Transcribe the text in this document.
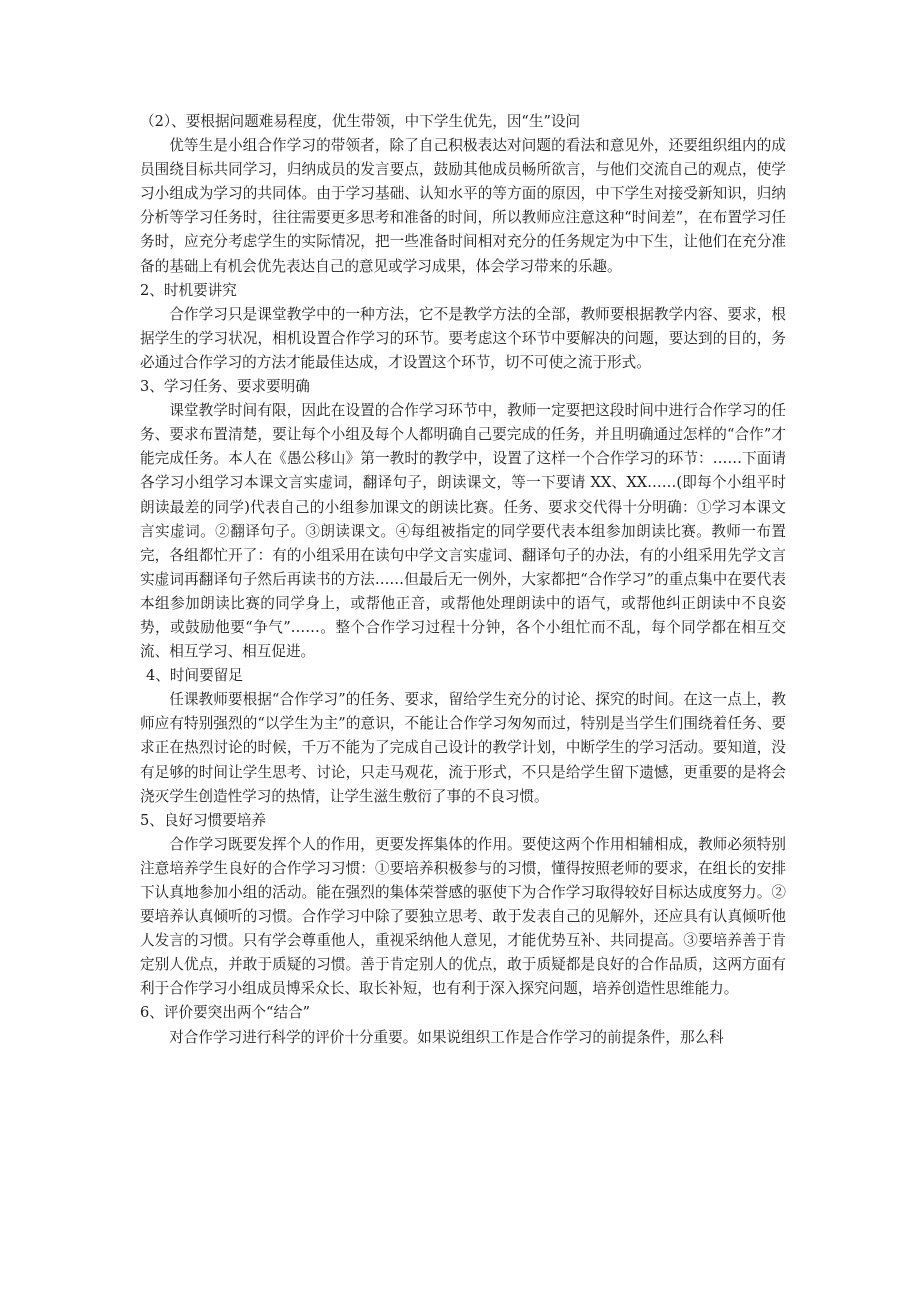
（2）、要根据问题难易程度，优生带领，中下学生优先，因“生”设问

优等生是小组合作学习的带领者，除了自己积极表达对问题的看法和意见外，还要组织组内的成员围绕目标共同学习，归纳成员的发言要点，鼓励其他成员畅所欲言，与他们交流自己的观点，使学习小组成为学习的共同体。由于学习基础、认知水平的等方面的原因，中下学生对接受新知识，归纳分析等学习任务时，往往需要更多思考和准备的时间，所以教师应注意这种“时间差”，在布置学习任务时，应充分考虑学生的实际情况，把一些准备时间相对充分的任务规定为中下生，让他们在充分准备的基础上有机会优先表达自己的意见或学习成果，体会学习带来的乐趣。

2、时机要讲究

合作学习只是课堂教学中的一种方法，它不是教学方法的全部，教师要根据教学内容、要求，根据学生的学习状况，相机设置合作学习的环节。要考虑这个环节中要解决的问题，要达到的目的，务必通过合作学习的方法才能最佳达成，才设置这个环节，切不可使之流于形式。

3、学习任务、要求要明确

课堂教学时间有限，因此在设置的合作学习环节中，教师一定要把这段时间中进行合作学习的任务、要求布置清楚，要让每个小组及每个人都明确自己要完成的任务，并且明确通过怎样的“合作”才能完成任务。本人在《愚公移山》第一教时的教学中，设置了这样一个合作学习的环节：……下面请各学习小组学习本课文言实虚词，翻译句子，朗读课文，等一下要请 XX、XX……(即每个小组平时朗读最差的同学)代表自己的小组参加课文的朗读比赛。任务、要求交代得十分明确：①学习本课文言实虚词。②翻译句子。③朗读课文。④每组被指定的同学要代表本组参加朗读比赛。教师一布置完，各组都忙开了：有的小组采用在读句中学文言实虚词、翻译句子的办法，有的小组采用先学文言实虚词再翻译句子然后再读书的方法……但最后无一例外，大家都把“合作学习”的重点集中在要代表本组参加朗读比赛的同学身上，或帮他正音，或帮他处理朗读中的语气，或帮他纠正朗读中不良姿势，或鼓励他要“争气”……。整个合作学习过程十分钟，各个小组忙而不乱，每个同学都在相互交流、相互学习、相互促进。

4、时间要留足

任课教师要根据“合作学习”的任务、要求，留给学生充分的讨论、探究的时间。在这一点上，教师应有特别强烈的“以学生为主”的意识，不能让合作学习匆匆而过，特别是当学生们围绕着任务、要求正在热烈讨论的时候，千万不能为了完成自己设计的教学计划，中断学生的学习活动。要知道，没有足够的时间让学生思考、讨论，只走马观花，流于形式，不只是给学生留下遗憾，更重要的是将会浇灭学生创造性学习的热情，让学生滋生敷衍了事的不良习惯。

5、良好习惯要培养

合作学习既要发挥个人的作用，更要发挥集体的作用。要使这两个作用相辅相成，教师必须特别注意培养学生良好的合作学习习惯：①要培养积极参与的习惯，懂得按照老师的要求，在组长的安排下认真地参加小组的活动。能在强烈的集体荣誉感的驱使下为合作学习取得较好目标达成度努力。②要培养认真倾听的习惯。合作学习中除了要独立思考、敢于发表自己的见解外，还应具有认真倾听他人发言的习惯。只有学会尊重他人，重视采纳他人意见，才能优势互补、共同提高。③要培养善于肯定别人优点，并敢于质疑的习惯。善于肯定别人的优点，敢于质疑都是良好的合作品质，这两方面有利于合作学习小组成员博采众长、取长补短，也有利于深入探究问题，培养创造性思维能力。

6、评价要突出两个“结合”

对合作学习进行科学的评价十分重要。如果说组织工作是合作学习的前提条件，那么科
